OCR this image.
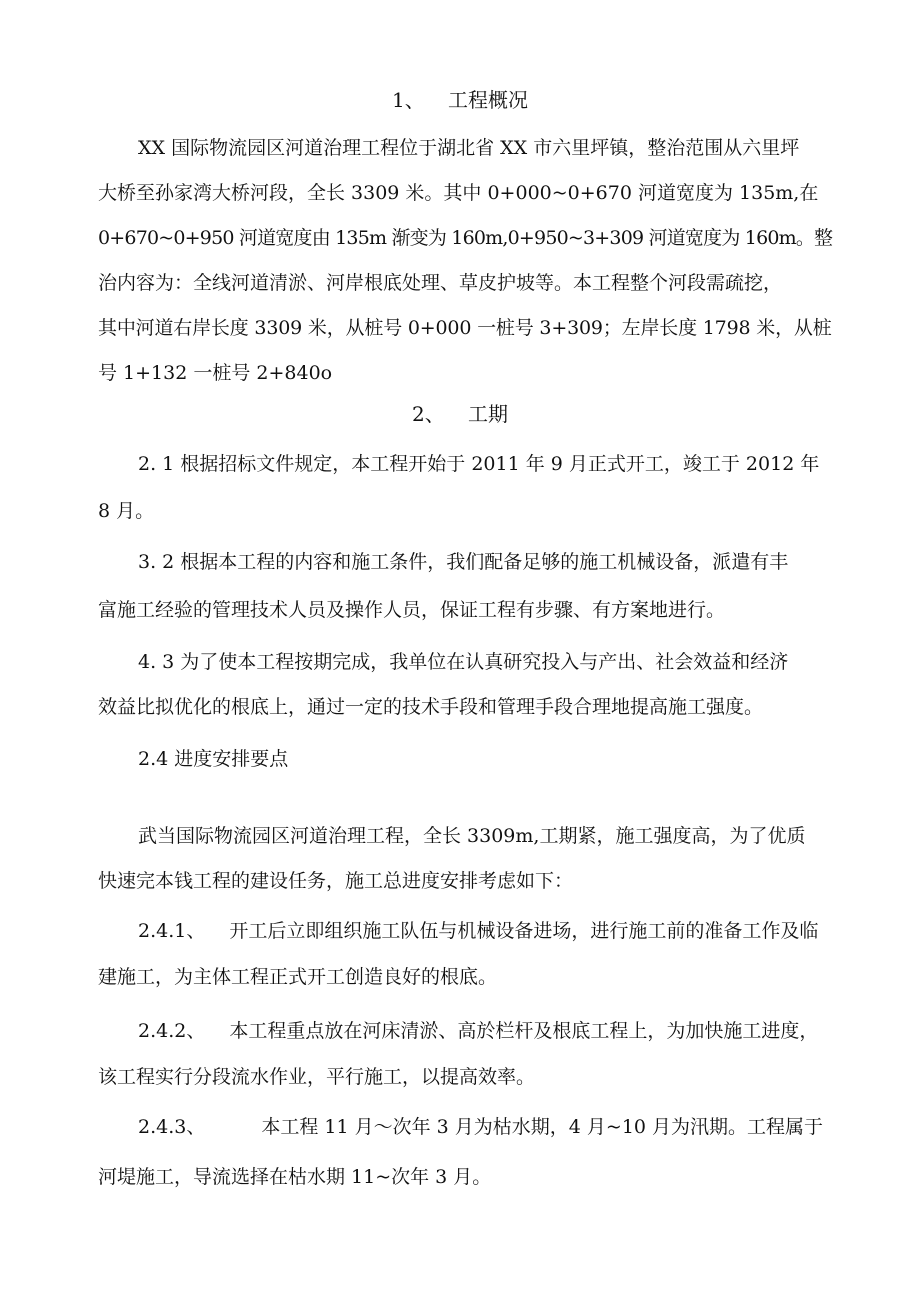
1、 工程概况

XX 国际物流园区河道治理工程位于湖北省 XX 市六里坪镇，整治范围从六里坪

大桥至孙家湾大桥河段，全长 3309 米。其中 0+000~0+670 河道宽度为 135m,在

0+670~0+950 河道宽度由 135m 渐变为 160m,0+950~3+309 河道宽度为 160m。整

治内容为：全线河道清淤、河岸根底处理、草皮护坡等。本工程整个河段需疏挖，

其中河道右岸长度 3309 米，从桩号 0+000 一桩号 3+309；左岸长度 1798 米，从桩

号 1+132 一桩号 2+840o

2、 工期

2. 1 根据招标文件规定，本工程开始于 2011 年 9 月正式开工，竣工于 2012 年

8 月。

3. 2 根据本工程的内容和施工条件，我们配备足够的施工机械设备，派遣有丰

富施工经验的管理技术人员及操作人员，保证工程有步骤、有方案地进行。

4. 3 为了使本工程按期完成，我单位在认真研究投入与产出、社会效益和经济

效益比拟优化的根底上，通过一定的技术手段和管理手段合理地提高施工强度。

2.4 进度安排要点

武当国际物流园区河道治理工程，全长 3309m,工期紧，施工强度高，为了优质

快速完本钱工程的建设任务，施工总进度安排考虑如下：

2.4.1、 开工后立即组织施工队伍与机械设备进场，进行施工前的准备工作及临

建施工，为主体工程正式开工创造良好的根底。

2.4.2、 本工程重点放在河床清淤、高於栏杆及根底工程上，为加快施工进度，

该工程实行分段流水作业，平行施工，以提高效率。

2.4.3、	本工程 11 月～次年 3 月为枯水期，4 月~10 月为汛期。工程属于

河堤施工，导流选择在枯水期 11~次年 3 月。
